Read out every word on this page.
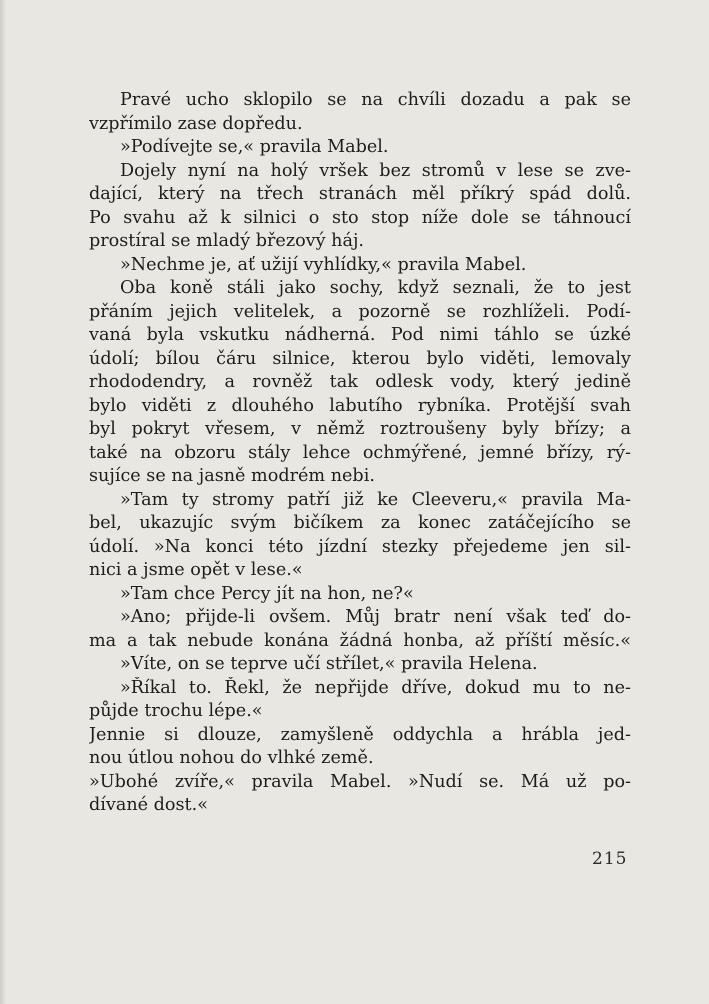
Pravé ucho sklopilo se na chvíli dozadu a pak se
vzpřímilo zase dopředu.
»Podívejte se,« pravila Mabel.
Dojely nyní na holý vršek bez stromů v lese se zve-
dající, který na třech stranách měl příkrý spád dolů.
Po svahu až k silnici o sto stop níže dole se táhnoucí
prostíral se mladý březový háj.
»Nechme je, ať užijí vyhlídky,« pravila Mabel.
Oba koně stáli jako sochy, když seznali, že to jest
přáním jejich velitelek, a pozorně se rozhlíželi. Podí-
vaná byla vskutku nádherná. Pod nimi táhlo se úzké
údolí; bílou čáru silnice, kterou bylo viděti, lemovaly
rhododendry, a rovněž tak odlesk vody, který jedině
bylo viděti z dlouhého labutího rybníka. Protější svah
byl pokryt vřesem, v němž roztroušeny byly břízy; a
také na obzoru stály lehce ochmýřené, jemné břízy, rý-
sujíce se na jasně modrém nebi.
»Tam ty stromy patří již ke Cleeveru,« pravila Ma-
bel, ukazujíc svým bičíkem za konec zatáčejícího se
údolí. »Na konci této jízdní stezky přejedeme jen sil-
nici a jsme opět v lese.«
»Tam chce Percy jít na hon, ne?«
»Ano; přijde-li ovšem. Můj bratr není však teď do-
ma a tak nebude konána žádná honba, až příští měsíc.«
»Víte, on se teprve učí střílet,« pravila Helena.
»Říkal to. Řekl, že nepřijde dříve, dokud mu to ne-
půjde trochu lépe.«
Jennie si dlouze, zamyšleně oddychla a hrábla jed-
nou útlou nohou do vlhké země.
»Ubohé zvíře,« pravila Mabel. »Nudí se. Má už po-
dívané dost.«
215
